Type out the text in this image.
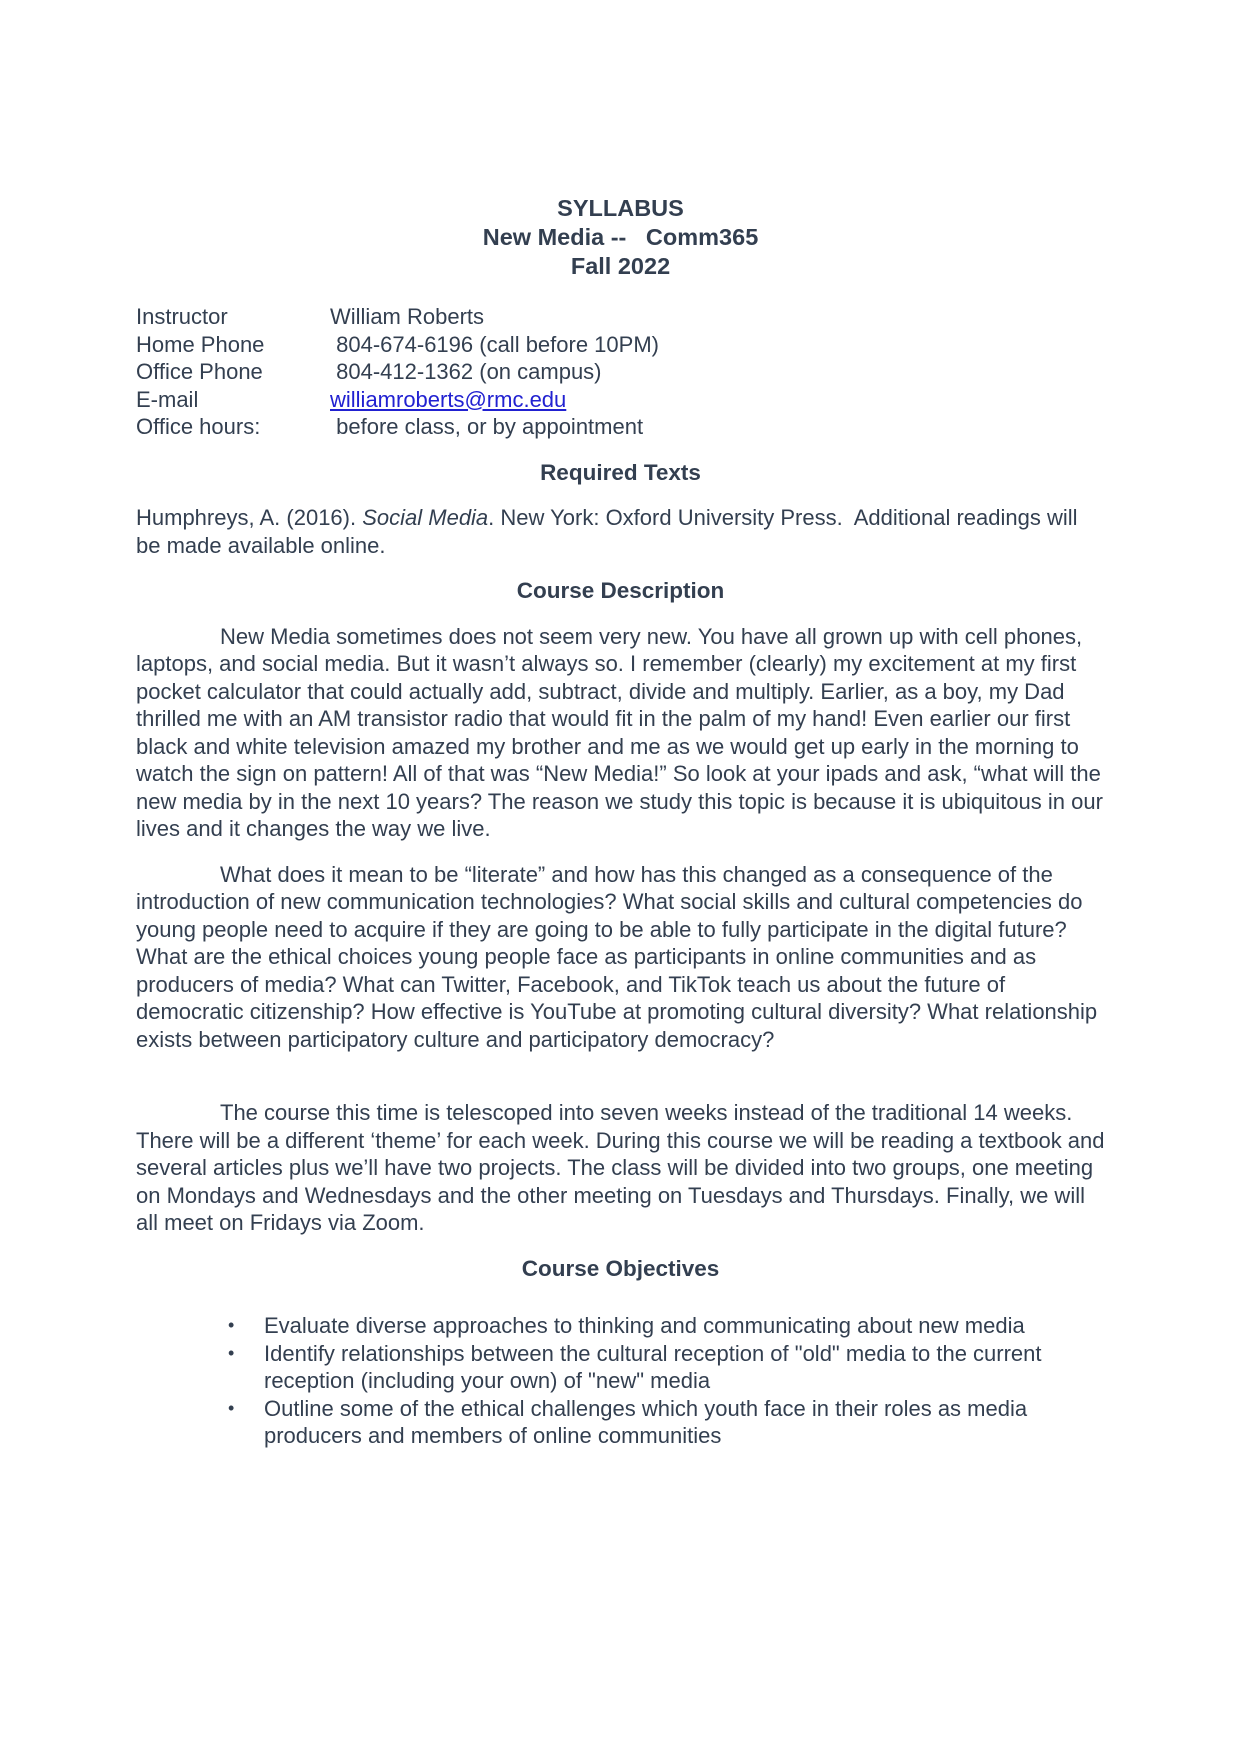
SYLLABUS
New Media --   Comm365
Fall 2022
Instructor	William Roberts
Home Phone	804-674-6196 (call before 10PM)
Office Phone	804-412-1362 (on campus)
E-mail	williamroberts@rmc.edu
Office hours:	before class, or by appointment
Required Texts

Humphreys, A. (2016). Social Media. New York: Oxford University Press.  Additional readings will be made available online.

Course Description

New Media sometimes does not seem very new. You have all grown up with cell phones, laptops, and social media. But it wasn’t always so. I remember (clearly) my excitement at my first pocket calculator that could actually add, subtract, divide and multiply. Earlier, as a boy, my Dad thrilled me with an AM transistor radio that would fit in the palm of my hand! Even earlier our first black and white television amazed my brother and me as we would get up early in the morning to watch the sign on pattern! All of that was “New Media!” So look at your ipads and ask, “what will the new media by in the next 10 years? The reason we study this topic is because it is ubiquitous in our lives and it changes the way we live.

What does it mean to be “literate” and how has this changed as a consequence of the introduction of new communication technologies? What social skills and cultural competencies do young people need to acquire if they are going to be able to fully participate in the digital future? What are the ethical choices young people face as participants in online communities and as producers of media? What can Twitter, Facebook, and TikTok teach us about the future of democratic citizenship? How effective is YouTube at promoting cultural diversity? What relationship exists between participatory culture and participatory democracy?

The course this time is telescoped into seven weeks instead of the traditional 14 weeks. There will be a different ‘theme’ for each week. During this course we will be reading a textbook and several articles plus we’ll have two projects. The class will be divided into two groups, one meeting on Mondays and Wednesdays and the other meeting on Tuesdays and Thursdays. Finally, we will all meet on Fridays via Zoom.

Course Objectives
•	Evaluate diverse approaches to thinking and communicating about new media
•	Identify relationships between the cultural reception of "old" media to the current reception (including your own) of "new" media
•	Outline some of the ethical challenges which youth face in their roles as media producers and members of online communities
